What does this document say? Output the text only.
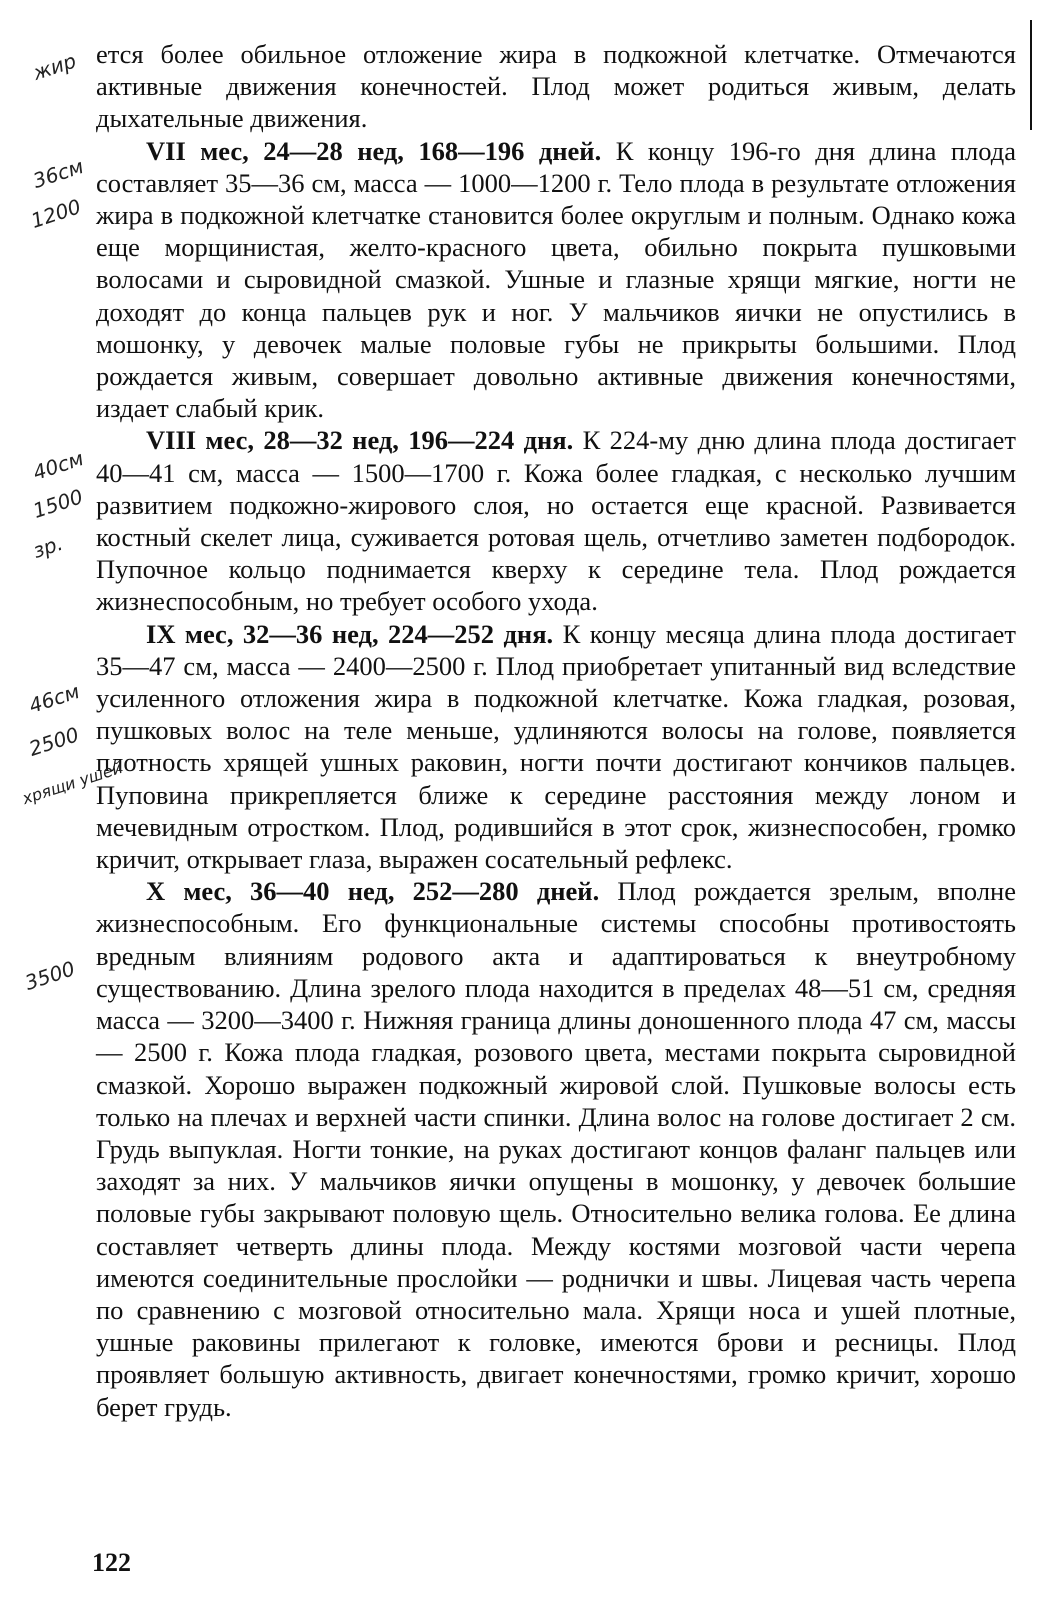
ется более обильное отложение жира в подкожной клетчатке. Отмечаются активные движения конечностей. Плод может родиться живым, делать дыхательные движения.

VII мес, 24—28 нед, 168—196 дней. К концу 196-го дня длина плода составляет 35—36 см, масса — 1000—1200 г. Тело плода в результате отложения жира в подкожной клетчатке становится более округлым и полным. Однако кожа еще морщинистая, желто-красного цвета, обильно покрыта пушковыми волосами и сыровидной смазкой. Ушные и глазные хрящи мягкие, ногти не доходят до конца пальцев рук и ног. У мальчиков яички не опустились в мошонку, у девочек малые половые губы не прикрыты большими. Плод рождается живым, совершает довольно активные движения конечностями, издает слабый крик.

VIII мес, 28—32 нед, 196—224 дня. К 224-му дню длина плода достигает 40—41 см, масса — 1500—1700 г. Кожа более гладкая, с несколько лучшим развитием подкожно-жирового слоя, но остается еще красной. Развивается костный скелет лица, суживается ротовая щель, отчетливо заметен подбородок. Пупочное кольцо поднимается кверху к середине тела. Плод рождается жизнеспособным, но требует особого ухода.

IX мес, 32—36 нед, 224—252 дня. К концу месяца длина плода достигает 35—47 см, масса — 2400—2500 г. Плод приобретает упитанный вид вследствие усиленного отложения жира в подкожной клетчатке. Кожа гладкая, розовая, пушковых волос на теле меньше, удлиняются волосы на голове, появляется плотность хрящей ушных раковин, ногти почти достигают кончиков пальцев. Пуповина прикрепляется ближе к середине расстояния между лоном и мечевидным отростком. Плод, родившийся в этот срок, жизнеспособен, громко кричит, открывает глаза, выражен сосательный рефлекс.

X мес, 36—40 нед, 252—280 дней. Плод рождается зрелым, вполне жизнеспособным. Его функциональные системы способны противостоять вредным влияниям родового акта и адаптироваться к внеутробному существованию. Длина зрелого плода находится в пределах 48—51 см, средняя масса — 3200—3400 г. Нижняя граница длины доношенного плода 47 см, массы — 2500 г. Кожа плода гладкая, розового цвета, местами покрыта сыровидной смазкой. Хорошо выражен подкожный жировой слой. Пушковые волосы есть только на плечах и верхней части спинки. Длина волос на голове достигает 2 см. Грудь выпуклая. Ногти тонкие, на руках достигают концов фаланг пальцев или заходят за них. У мальчиков яички опущены в мошонку, у девочек большие половые губы закрывают половую щель. Относительно велика голова. Ее длина составляет четверть длины плода. Между костями мозговой части черепа имеются соединительные прослойки — роднички и швы. Лицевая часть черепа по сравнению с мозговой относительно мала. Хрящи носа и ушей плотные, ушные раковины прилегают к головке, имеются брови и ресницы. Плод проявляет большую активность, двигает конечностями, громко кричит, хорошо берет грудь.

122
жир
36см
1200
40см
1500
зр.
46см
2500
хрящи ушей
3500
